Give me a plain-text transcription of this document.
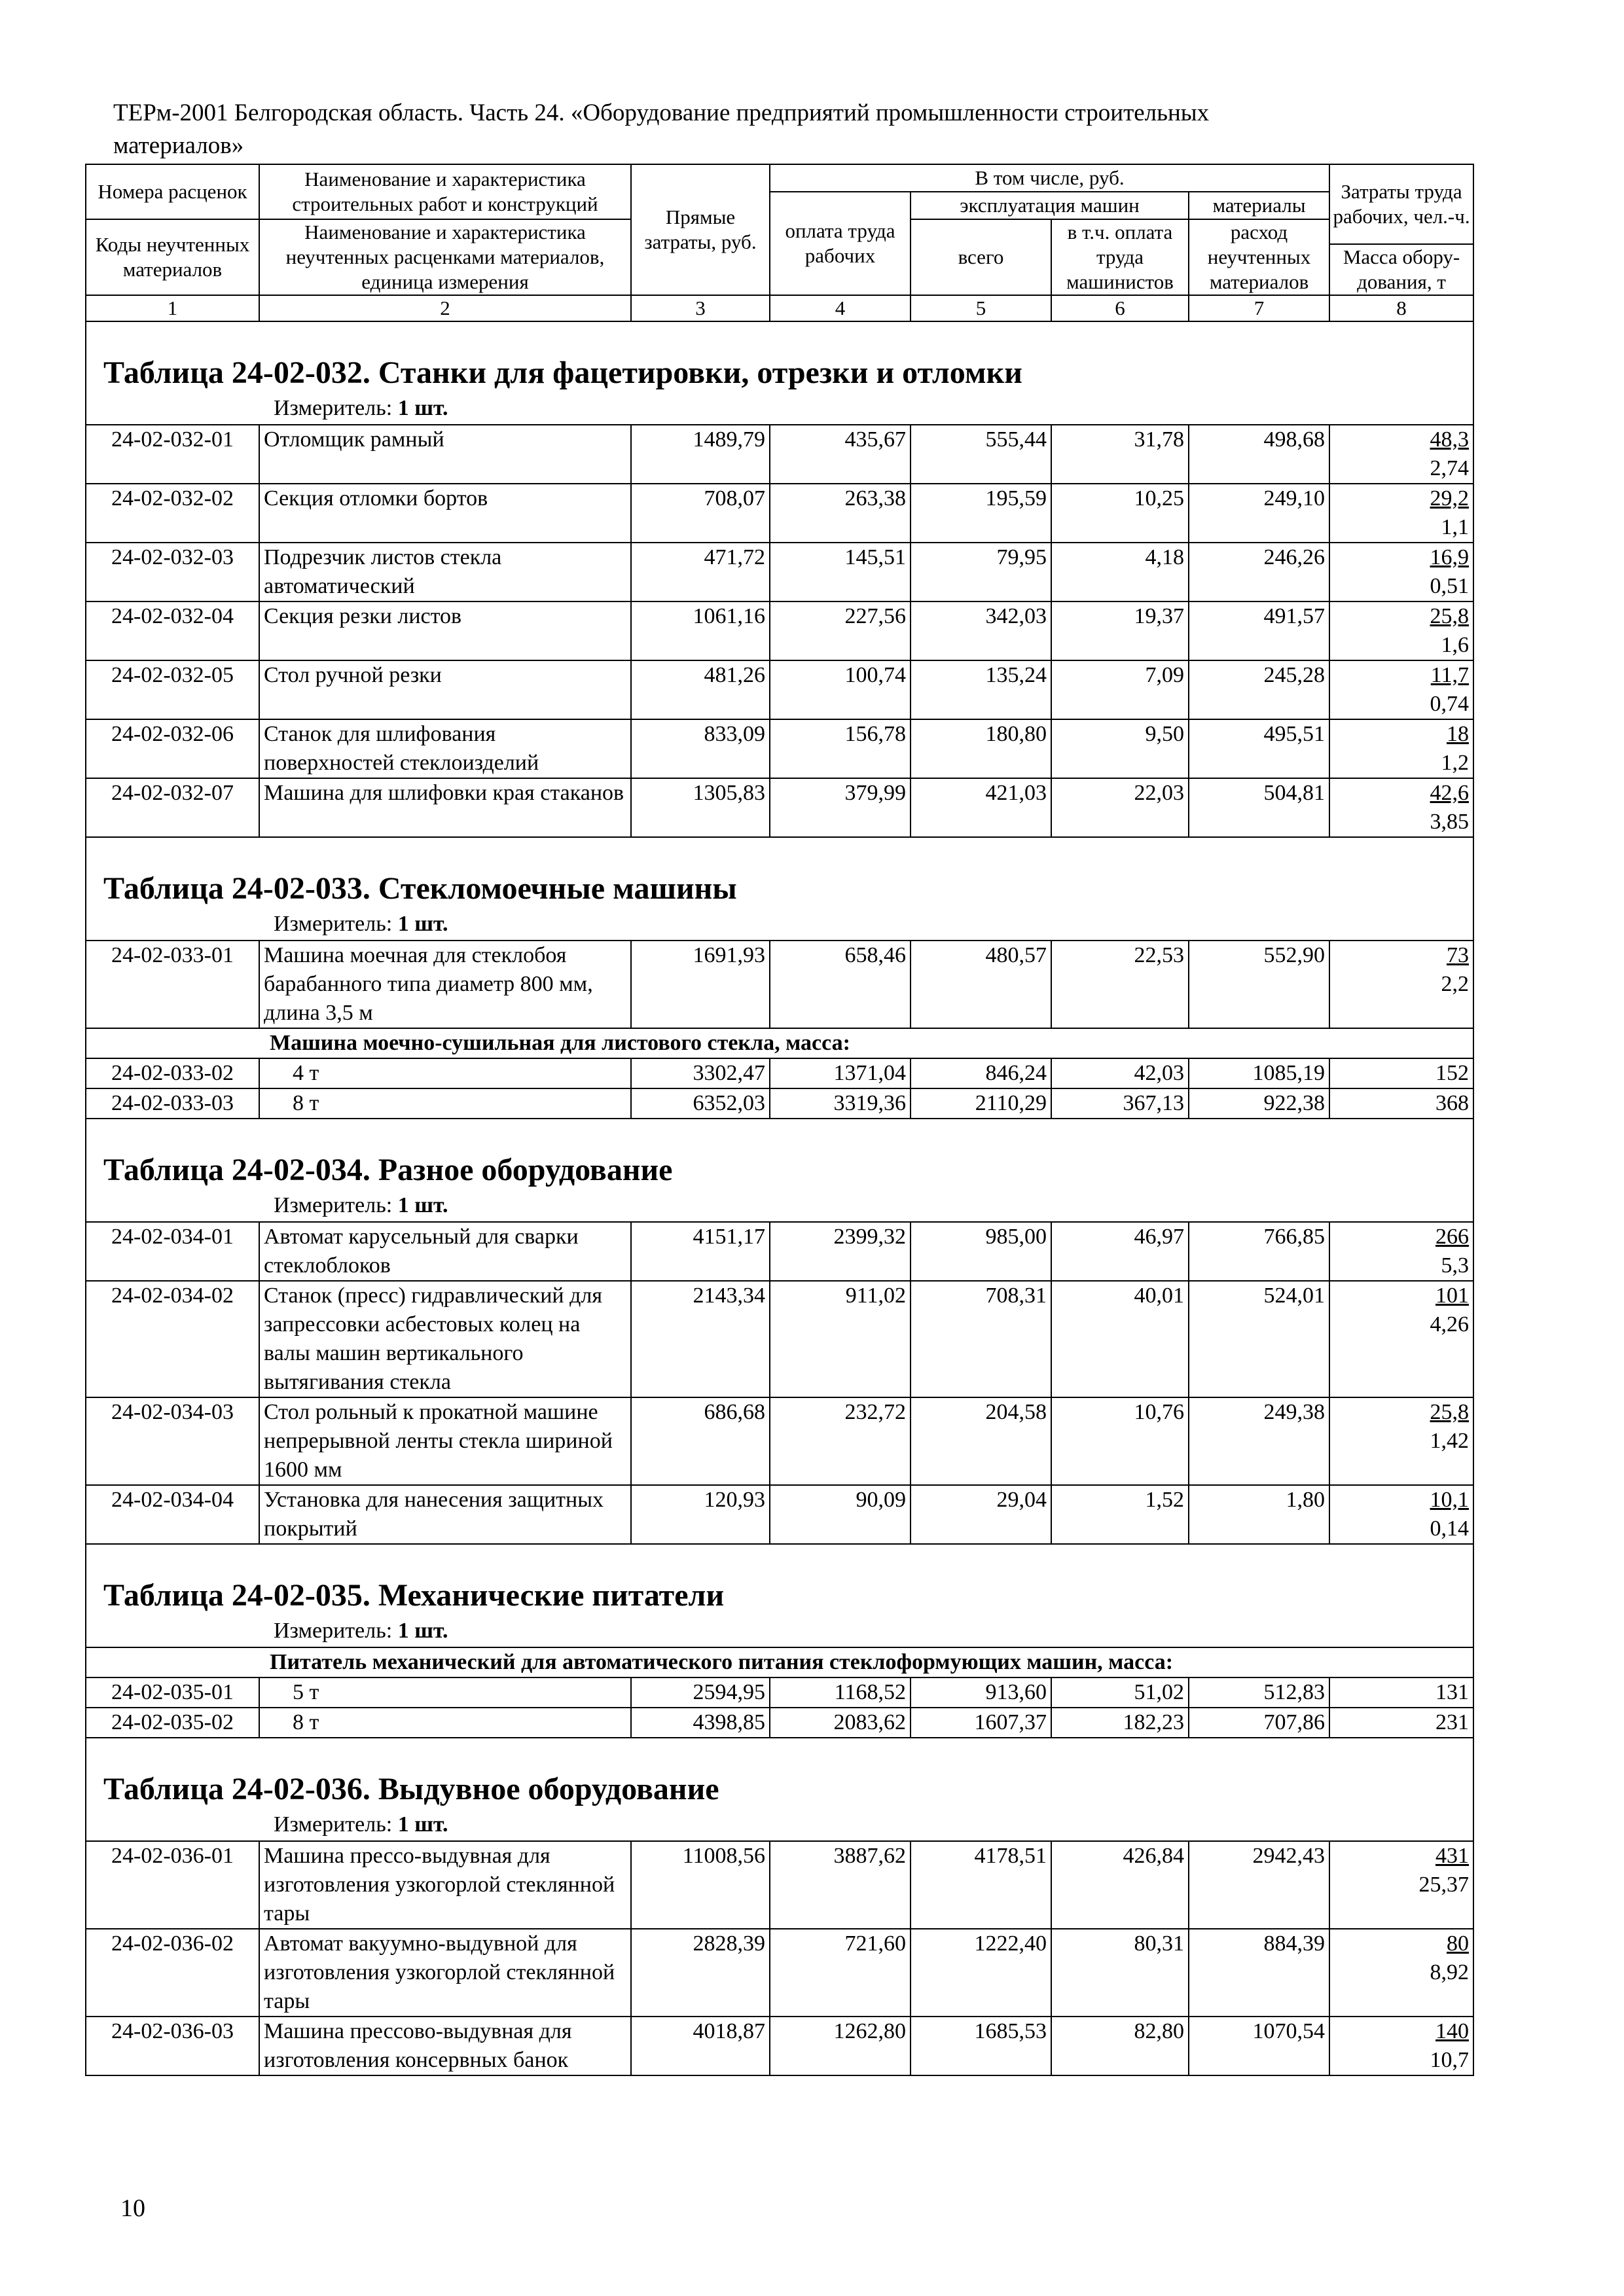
ТЕРм-2001 Белгородская область. Часть 24. «Оборудование предприятий промышленности строительных
материалов»
Номера расценок	Наименование и характеристика строительных работ и конструкций	Прямые затраты, руб.	В том числе, руб.				Затраты труда рабочих, чел.-ч.
			оплата труда рабочих	эксплуатация машин		материалы	
Коды неучтенных материалов	Наименование и характеристика неучтенных расценками материалов, единица измерения			всего	в т.ч. оплата труда машинистов	расход неучтенных материалов	
							Масса обору-дования, т
1	2	3	4	5	6	7	8

Таблица 24-02-032. Станки для фацетировки, отрезки и отломки
Измеритель: 1 шт.							

24-02-032-01	Отломщик рамный	1489,79	435,67	555,44	31,78	498,68	48,3
2,74

24-02-032-02	Секция отломки бортов	708,07	263,38	195,59	10,25	249,10	29,2
1,1

24-02-032-03	Подрезчик листов стекла автоматический	471,72	145,51	79,95	4,18	246,26	16,9
0,51

24-02-032-04	Секция резки листов	1061,16	227,56	342,03	19,37	491,57	25,8
1,6

24-02-032-05	Стол ручной резки	481,26	100,74	135,24	7,09	245,28	11,7
0,74

24-02-032-06	Станок для шлифования поверхностей стеклоизделий	833,09	156,78	180,80	9,50	495,51	18
1,2

24-02-032-07	Машина для шлифовки края стаканов	1305,83	379,99	421,03	22,03	504,81	42,6
3,85

Таблица 24-02-033. Стекломоечные машины
Измеритель: 1 шт.							

24-02-033-01	Машина моечная для стеклобоя барабанного типа диаметр 800 мм, длина 3,5 м	1691,93	658,46	480,57	22,53	552,90	73
2,2

Машина моечно-сушильная для листового стекла, масса:							
24-02-033-02	4 т	3302,47	1371,04	846,24	42,03	1085,19	152
24-02-033-03	8 т	6352,03	3319,36	2110,29	367,13	922,38	368

Таблица 24-02-034. Разное оборудование
Измеритель: 1 шт.							

24-02-034-01	Автомат карусельный для сварки стеклоблоков	4151,17	2399,32	985,00	46,97	766,85	266
5,3

24-02-034-02	Станок (пресс) гидравлический для запрессовки асбестовых колец на валы машин вертикального вытягивания стекла	2143,34	911,02	708,31	40,01	524,01	101
4,26

24-02-034-03	Стол рольный к прокатной машине непрерывной ленты стекла шириной 1600 мм	686,68	232,72	204,58	10,76	249,38	25,8
1,42

24-02-034-04	Установка для нанесения защитных покрытий	120,93	90,09	29,04	1,52	1,80	10,1
0,14

Таблица 24-02-035. Механические питатели
Измеритель: 1 шт.							

Питатель механический для автоматического питания стеклоформующих машин, масса:							
24-02-035-01	5 т	2594,95	1168,52	913,60	51,02	512,83	131
24-02-035-02	8 т	4398,85	2083,62	1607,37	182,23	707,86	231

Таблица 24-02-036. Выдувное оборудование
Измеритель: 1 шт.							

24-02-036-01	Машина прессо-выдувная для изготовления узкогорлой стеклянной тары	11008,56	3887,62	4178,51	426,84	2942,43	431
25,37

24-02-036-02	Автомат вакуумно-выдувной для изготовления узкогорлой стеклянной тары	2828,39	721,60	1222,40	80,31	884,39	80
8,92

24-02-036-03	Машина прессово-выдувная для изготовления консервных банок	4018,87	1262,80	1685,53	82,80	1070,54	140
10,7
10
